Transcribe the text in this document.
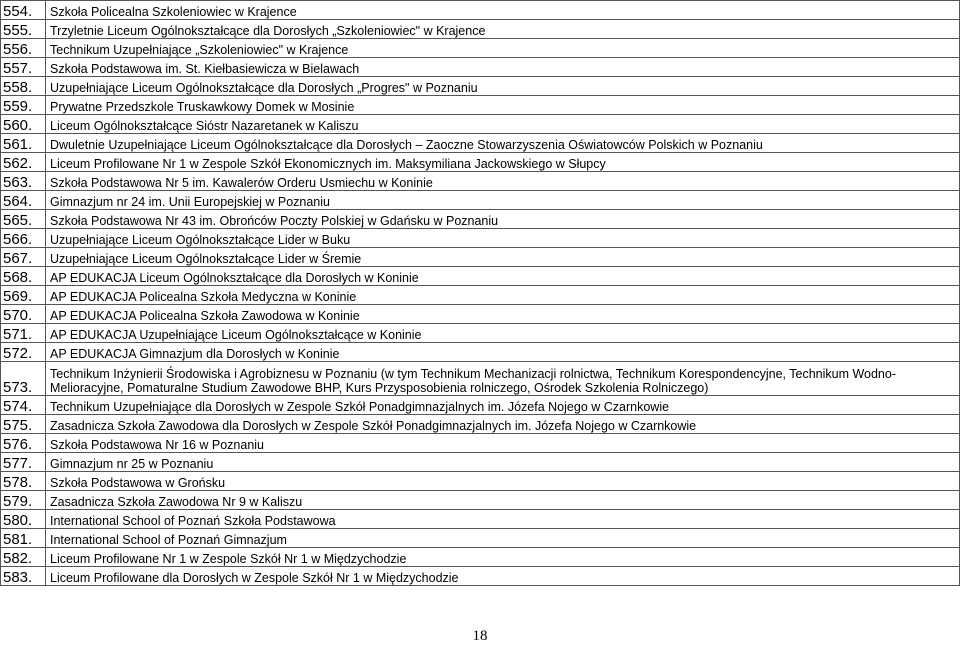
554.	Szkoła Policealna Szkoleniowiec w Krajence
555.	Trzyletnie Liceum Ogólnokształcące dla Dorosłych „Szkoleniowiec" w Krajence
556.	Technikum Uzupełniające „Szkoleniowiec" w Krajence
557.	Szkoła Podstawowa im. St. Kiełbasiewicza w Bielawach
558.	Uzupełniające Liceum Ogólnokształcące dla Dorosłych „Progres" w Poznaniu
559.	Prywatne Przedszkole Truskawkowy Domek w Mosinie
560.	Liceum Ogólnokształcące Sióstr Nazaretanek w Kaliszu
561.	Dwuletnie Uzupełniające Liceum Ogólnokształcące dla Dorosłych – Zaoczne Stowarzyszenia Oświatowców Polskich w Poznaniu
562.	Liceum Profilowane Nr 1 w Zespole Szkół Ekonomicznych im. Maksymiliana Jackowskiego w Słupcy
563.	Szkoła Podstawowa Nr 5 im. Kawalerów Orderu Usmiechu w Koninie
564.	Gimnazjum nr 24 im. Unii Europejskiej w Poznaniu
565.	Szkoła Podstawowa Nr 43 im. Obrońców Poczty Polskiej w Gdańsku w Poznaniu
566.	Uzupełniające Liceum Ogólnokształcące Lider w Buku
567.	Uzupełniające Liceum Ogólnokształcące Lider w Śremie
568.	AP EDUKACJA Liceum Ogólnokształcące dla Dorosłych w Koninie
569.	AP EDUKACJA Policealna Szkoła Medyczna w Koninie
570.	AP EDUKACJA Policealna Szkoła Zawodowa w Koninie
571.	AP EDUKACJA Uzupełniające Liceum Ogólnokształcące w Koninie
572.	AP EDUKACJA Gimnazjum dla Dorosłych w Koninie
573.	Technikum Inżynierii Środowiska i Agrobiznesu w Poznaniu (w tym Technikum Mechanizacji rolnictwa, Technikum Korespondencyjne, Technikum Wodno-Melioracyjne, Pomaturalne Studium Zawodowe BHP, Kurs Przysposobienia rolniczego, Ośrodek Szkolenia Rolniczego)
574.	Technikum Uzupełniające dla Dorosłych w Zespole Szkół Ponadgimnazjalnych im. Józefa Nojego w Czarnkowie
575.	Zasadnicza Szkoła Zawodowa dla Dorosłych w Zespole Szkół Ponadgimnazjalnych im. Józefa Nojego w Czarnkowie
576.	Szkoła Podstawowa Nr 16 w Poznaniu
577.	Gimnazjum nr 25 w Poznaniu
578.	Szkoła Podstawowa w Grońsku
579.	Zasadnicza Szkoła Zawodowa Nr 9 w Kaliszu
580.	International School of Poznań Szkoła Podstawowa
581.	International School of Poznań Gimnazjum
582.	Liceum Profilowane Nr 1 w Zespole Szkół Nr 1 w Międzychodzie
583.	Liceum Profilowane dla Dorosłych w Zespole Szkół Nr 1 w Międzychodzie
18
